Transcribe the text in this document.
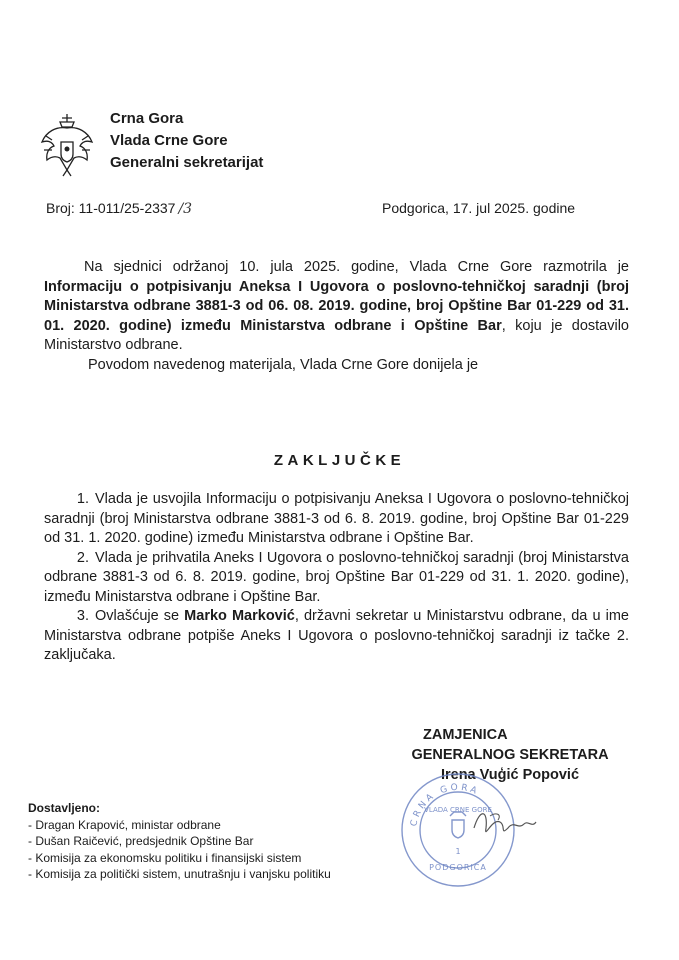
Crna Gora
Vlada Crne Gore
Generalni sekretarijat
Broj: 11-011/25-2337 /3	Podgorica, 17. jul 2025. godine
Na sjednici održanoj 10. jula 2025. godine, Vlada Crne Gore razmotrila je Informaciju o potpisivanju Aneksa I Ugovora o poslovno-tehničkoj saradnji (broj Ministarstva odbrane 3881-3 od 06. 08. 2019. godine, broj Opštine Bar 01-229 od 31. 01. 2020. godine) između Ministarstva odbrane i Opštine Bar, koju je dostavilo Ministarstvo odbrane.
Povodom navedenog materijala, Vlada Crne Gore donijela je
ZAKLJUČKE

1. Vlada je usvojila Informaciju o potpisivanju Aneksa I Ugovora o poslovno-tehničkoj saradnji (broj Ministarstva odbrane 3881-3 od 6. 8. 2019. godine, broj Opštine Bar 01-229 od 31. 1. 2020. godine) između Ministarstva odbrane i Opštine Bar.

2. Vlada je prihvatila Aneks I Ugovora o poslovno-tehničkoj saradnji (broj Ministarstva odbrane 3881-3 od 6. 8. 2019. godine, broj Opštine Bar 01-229 od 31. 1. 2020. godine), između Ministarstva odbrane i Opštine Bar.

3. Ovlašćuje se Marko Marković, državni sekretar u Ministarstvu odbrane, da u ime Ministarstva odbrane potpiše Aneks I Ugovora o poslovno-tehničkoj saradnji iz tačke 2. zaključaka.

ZAMJENICA
GENERALNOG SEKRETARA
Irena Vuģić Popović
CRNA GORA
VLADA CRNE GORE
1
PODGORICA
Dostavljeno:
- Dragan Krapović, ministar odbrane
- Dušan Raičević, predsjednik Opštine Bar
- Komisija za ekonomsku politiku i finansijski sistem
- Komisija za politički sistem, unutrašnju i vanjsku politiku
